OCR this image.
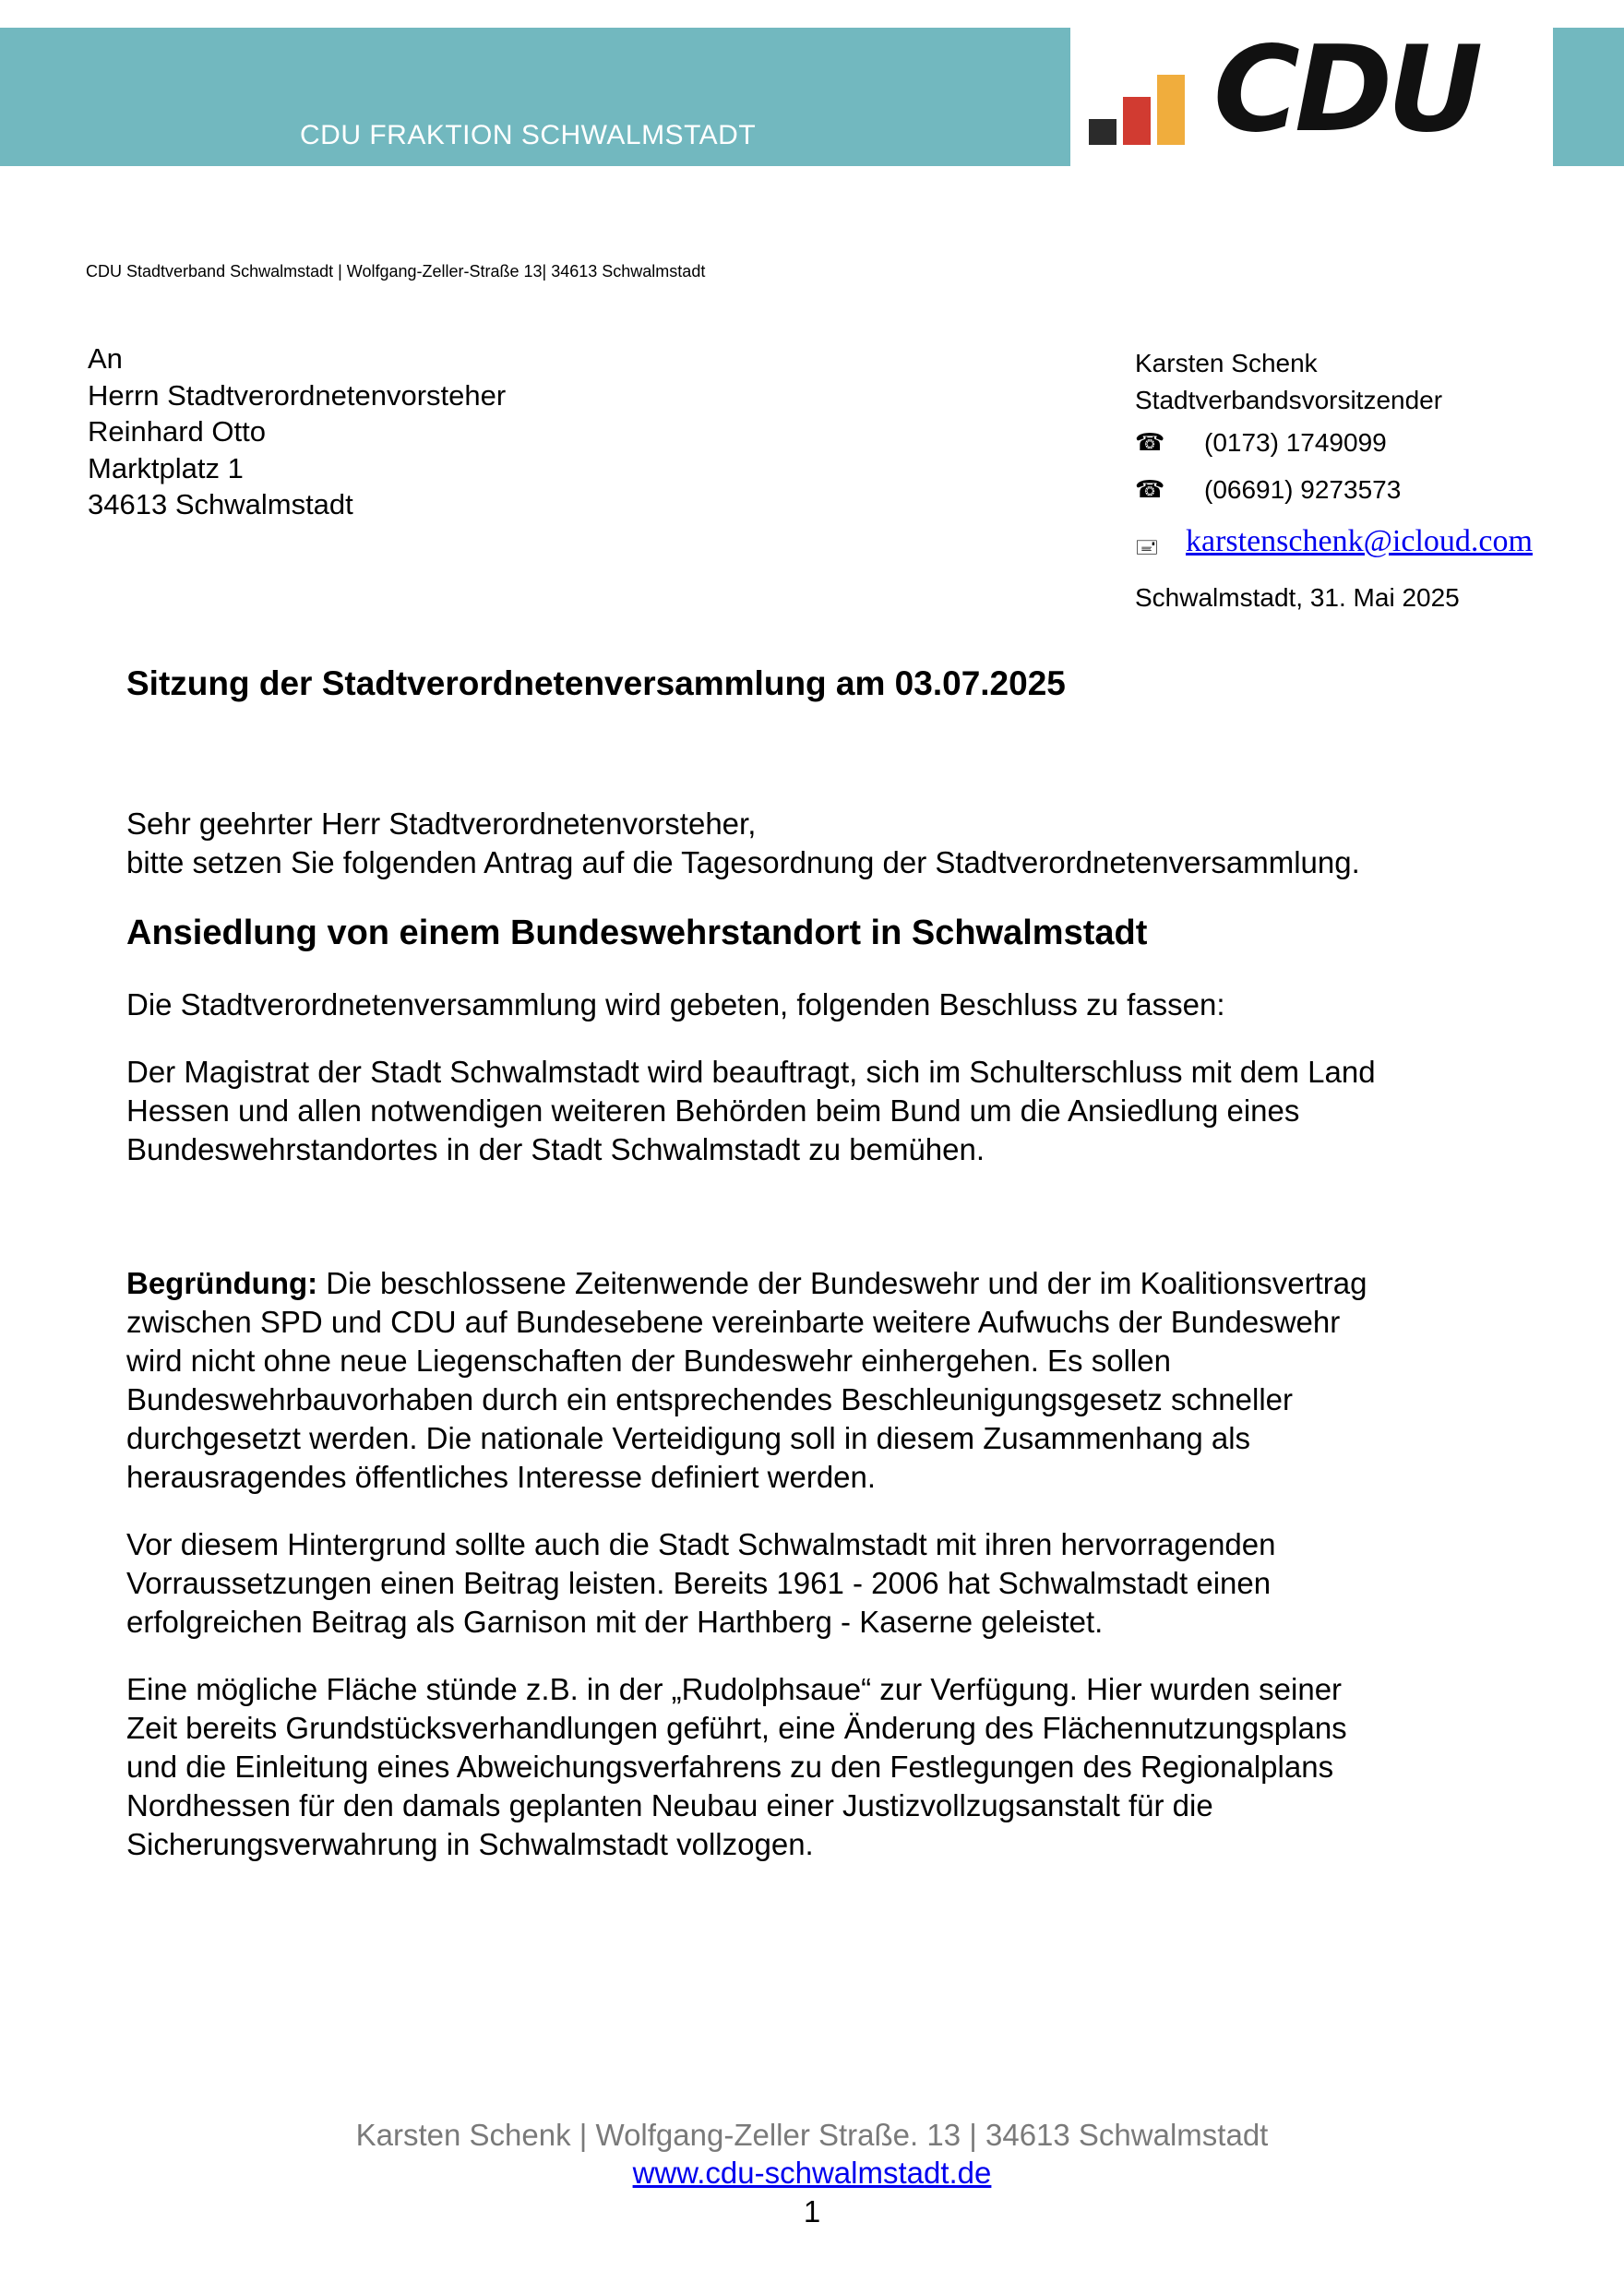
CDU FRAKTION SCHWALMSTADT	CDU
CDU Stadtverband Schwalmstadt | Wolfgang-Zeller-Straße 13| 34613 Schwalmstadt
An
Herrn Stadtverordnetenvorsteher
Reinhard Otto
Marktplatz 1
34613 Schwalmstadt
Karsten Schenk
Stadtverbandsvorsitzender
☎ (0173) 1749099
☎ (06691) 9273573
🖃 karstenschenk@icloud.com
Schwalmstadt, 31. Mai 2025
Sitzung der Stadtverordnetenversammlung am 03.07.2025
Sehr geehrter Herr Stadtverordnetenvorsteher,
bitte setzen Sie folgenden Antrag auf die Tagesordnung der Stadtverordnetenversammlung.
Ansiedlung von einem Bundeswehrstandort in Schwalmstadt
Die Stadtverordnetenversammlung wird gebeten, folgenden Beschluss zu fassen:
Der Magistrat der Stadt Schwalmstadt wird beauftragt, sich im Schulterschluss mit dem Land
Hessen und allen notwendigen weiteren Behörden beim Bund um die Ansiedlung eines
Bundeswehrstandortes in der Stadt Schwalmstadt zu bemühen.
Begründung: Die beschlossene Zeitenwende der Bundeswehr und der im Koalitionsvertrag
zwischen SPD und CDU auf Bundesebene vereinbarte weitere Aufwuchs der Bundeswehr
wird nicht ohne neue Liegenschaften der Bundeswehr einhergehen. Es sollen
Bundeswehrbauvorhaben durch ein entsprechendes Beschleunigungsgesetz schneller
durchgesetzt werden. Die nationale Verteidigung soll in diesem Zusammenhang als
herausragendes öffentliches Interesse definiert werden.
Vor diesem Hintergrund sollte auch die Stadt Schwalmstadt mit ihren hervorragenden
Vorraussetzungen einen Beitrag leisten. Bereits 1961 - 2006 hat Schwalmstadt einen
erfolgreichen Beitrag als Garnison mit der Harthberg - Kaserne geleistet.
Eine mögliche Fläche stünde z.B. in der „Rudolphsaue“ zur Verfügung. Hier wurden seiner
Zeit bereits Grundstücksverhandlungen geführt, eine Änderung des Flächennutzungsplans
und die Einleitung eines Abweichungsverfahrens zu den Festlegungen des Regionalplans
Nordhessen für den damals geplanten Neubau einer Justizvollzugsanstalt für die
Sicherungsverwahrung in Schwalmstadt vollzogen.
Karsten Schenk | Wolfgang-Zeller Straße. 13 | 34613 Schwalmstadt
www.cdu-schwalmstadt.de
1
